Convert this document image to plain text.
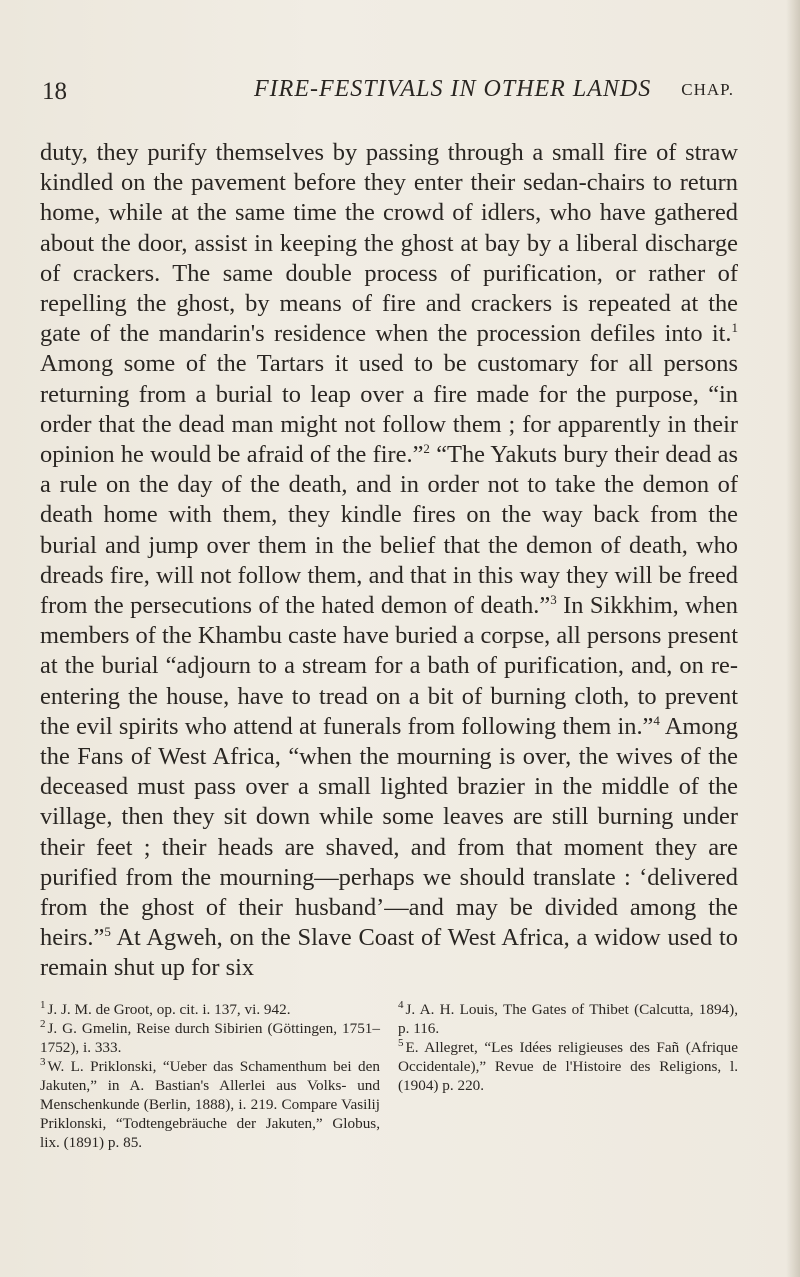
18	FIRE-FESTIVALS IN OTHER LANDS CHAP.

duty, they purify themselves by passing through a small fire of straw kindled on the pavement before they enter their sedan-chairs to return home, while at the same time the crowd of idlers, who have gathered about the door, assist in keeping the ghost at bay by a liberal discharge of crackers. The same double process of purification, or rather of repelling the ghost, by means of fire and crackers is repeated at the gate of the mandarin's residence when the procession defiles into it.$^1$ Among some of the Tartars it used to be customary for all persons returning from a burial to leap over a fire made for the purpose, “in order that the dead man might not follow them ; for apparently in their opinion he would be afraid of the fire.”$^2$ “The Yakuts bury their dead as a rule on the day of the death, and in order not to take the demon of death home with them, they kindle fires on the way back from the burial and jump over them in the belief that the demon of death, who dreads fire, will not follow them, and that in this way they will be freed from the persecutions of the hated demon of death.”$^3$ In Sikkhim, when members of the Khambu caste have buried a corpse, all persons present at the burial “adjourn to a stream for a bath of purification, and, on re-entering the house, have to tread on a bit of burning cloth, to prevent the evil spirits who attend at funerals from following them in.”$^4$ Among the Fans of West Africa, “when the mourning is over, the wives of the deceased must pass over a small lighted brazier in the middle of the village, then they sit down while some leaves are still burning under their feet ; their heads are shaved, and from that moment they are purified from the mourning—perhaps we should translate : ‘delivered from the ghost of their husband’—and may be divided among the heirs.”$^5$ At Agweh, on the Slave Coast of West Africa, a widow used to remain shut up for six

$^1$ J. J. M. de Groot, op. cit. i. 137, vi. 942.

$^2$ J. G. Gmelin, Reise durch Sibirien (Göttingen, 1751–1752), i. 333.

$^3$ W. L. Priklonski, “Ueber das Schamenthum bei den Jakuten,” in A. Bastian's Allerlei aus Volks- und Menschenkunde (Berlin, 1888), i. 219. Compare Vasilij Priklonski, “Todtengebräuche der Jakuten,” Globus, lix. (1891) p. 85.

$^4$ J. A. H. Louis, The Gates of Thibet (Calcutta, 1894), p. 116.

$^5$ E. Allegret, “Les Idées religieuses des Fañ (Afrique Occidentale),” Revue de l'Histoire des Religions, l. (1904) p. 220.
